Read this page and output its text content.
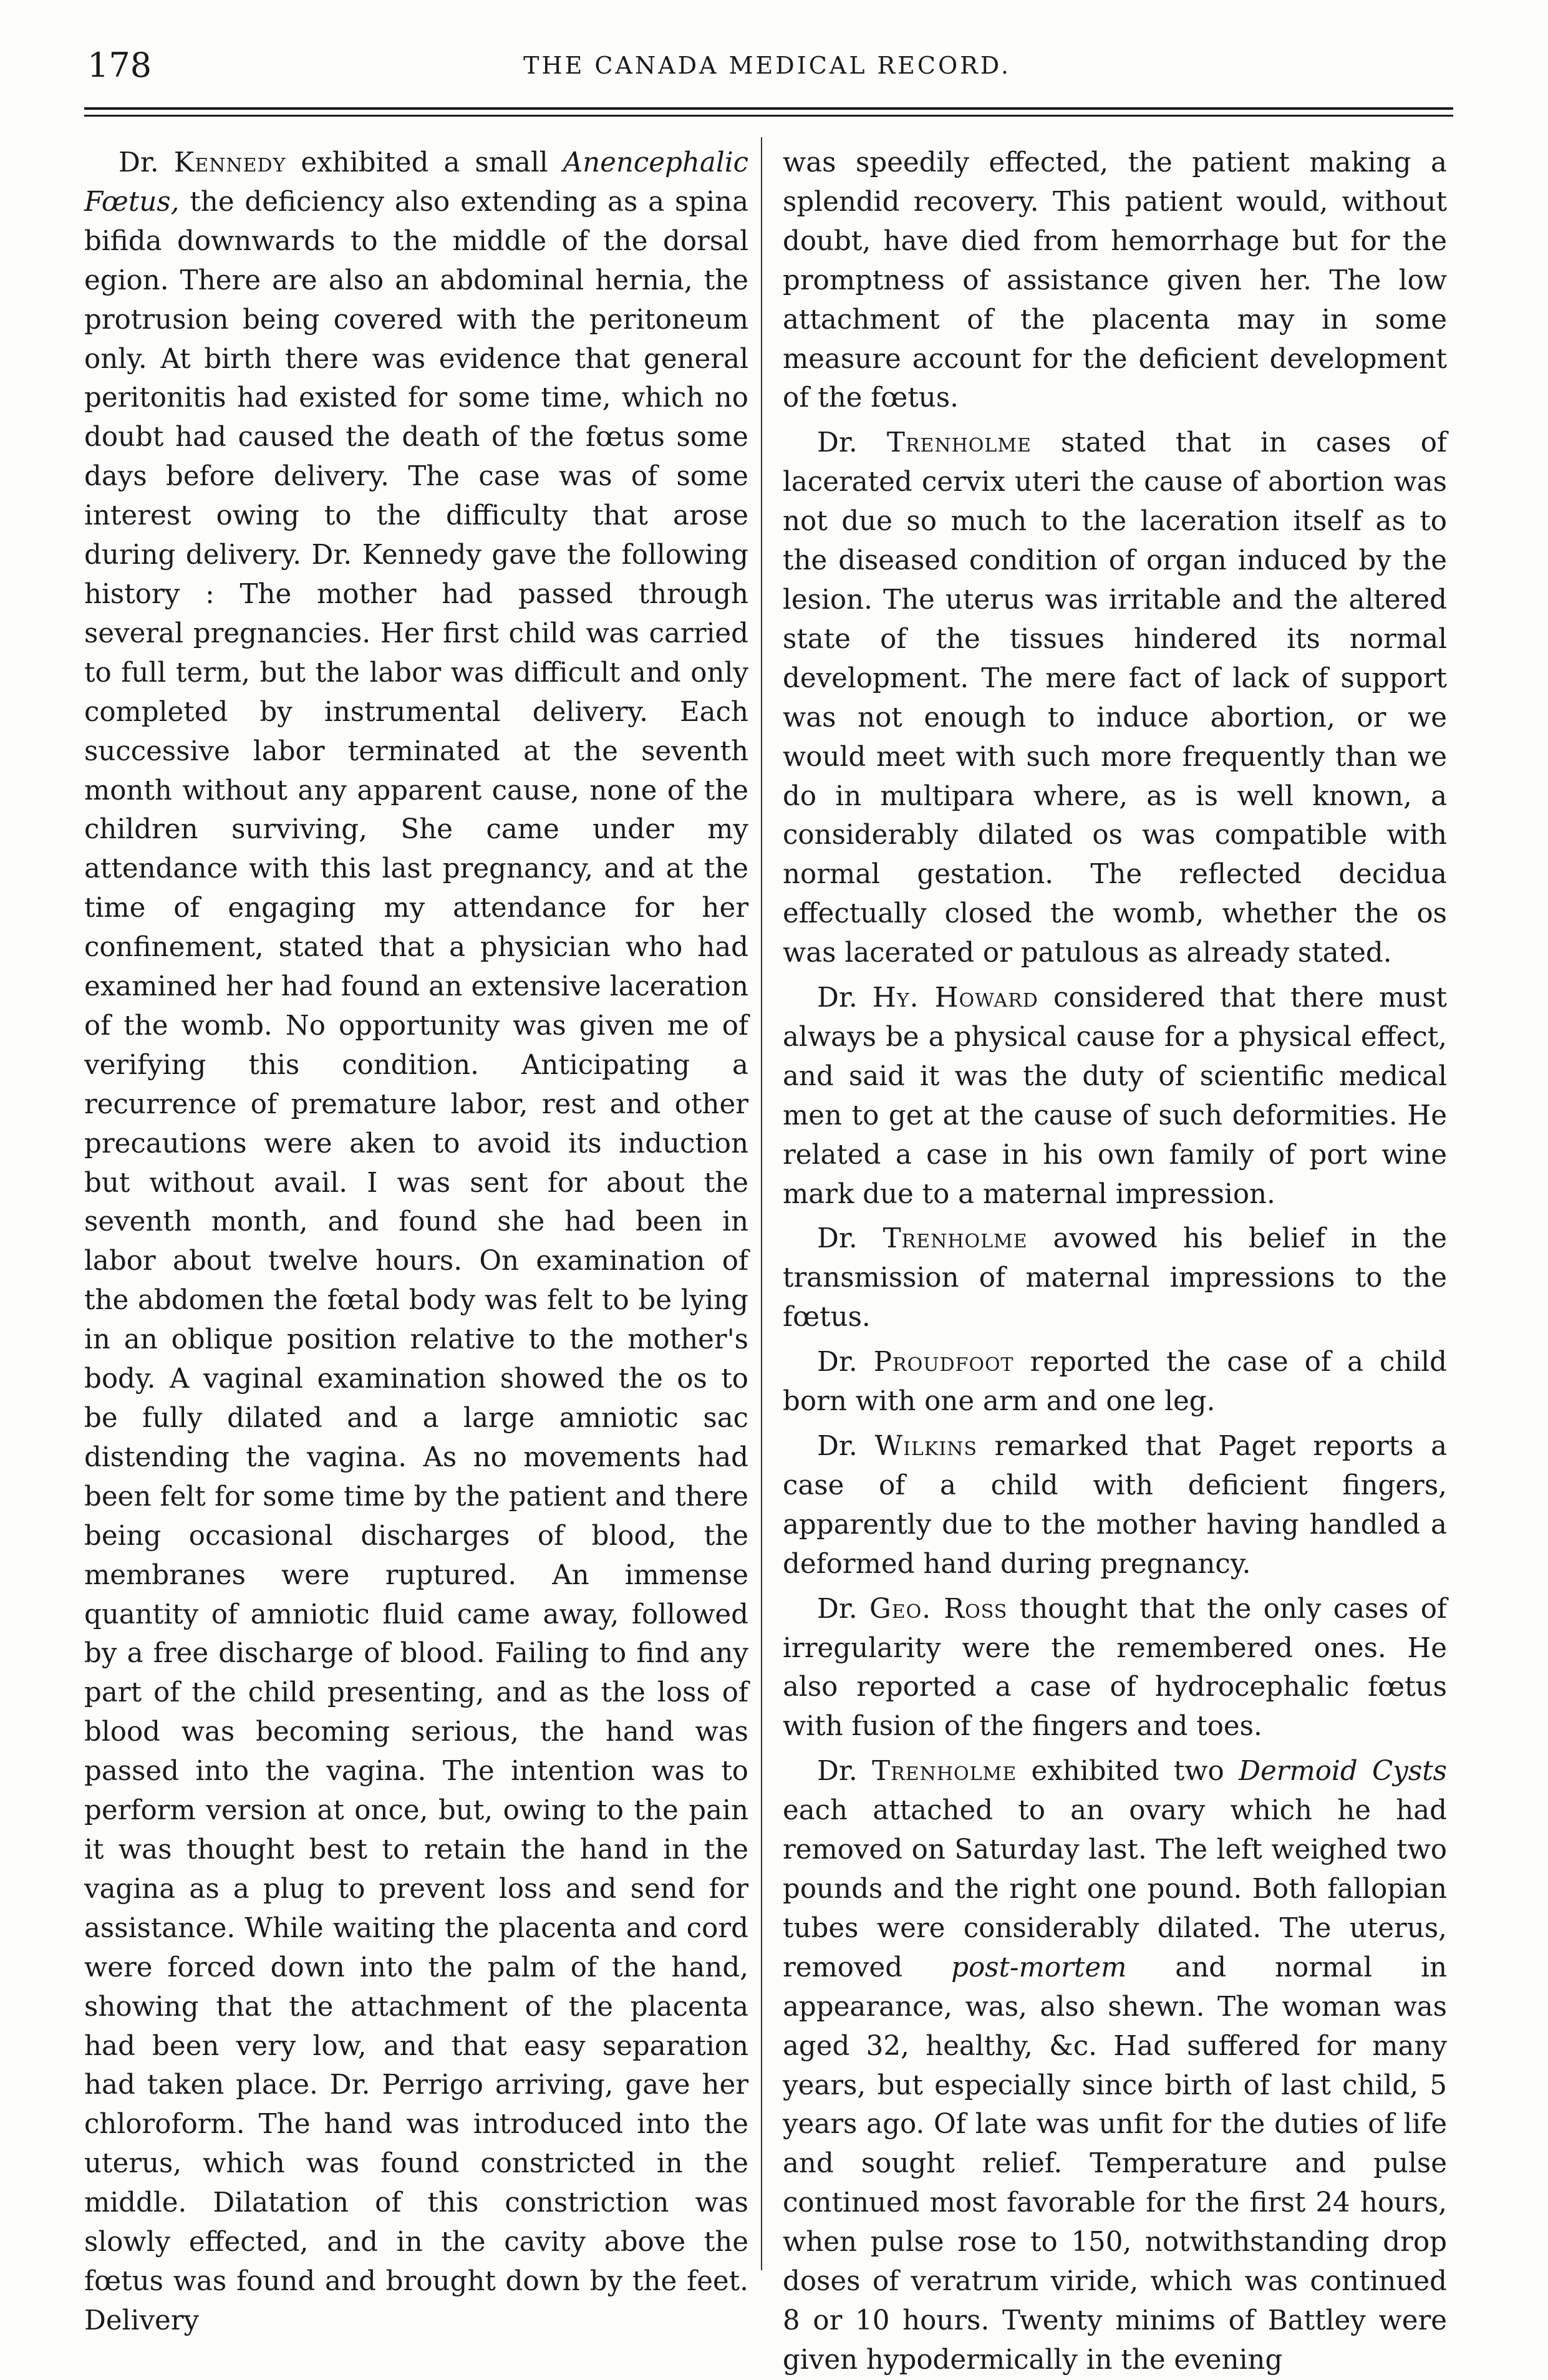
178	THE CANADA MEDICAL RECORD.

Dr. Kennedy exhibited a small Anencephalic Fœtus, the deficiency also extending as a spina bifida downwards to the middle of the dorsal egion. There are also an abdominal hernia, the protrusion being covered with the peritoneum only. At birth there was evidence that general peritonitis had existed for some time, which no doubt had caused the death of the fœtus some days before delivery. The case was of some interest owing to the difficulty that arose during delivery. Dr. Kennedy gave the following history : The mother had passed through several pregnancies. Her first child was carried to full term, but the labor was difficult and only completed by instrumental delivery. Each successive labor terminated at the seventh month without any apparent cause, none of the children surviving, She came under my attendance with this last pregnancy, and at the time of engaging my attendance for her confinement, stated that a physician who had examined her had found an extensive laceration of the womb. No opportunity was given me of verifying this condition. Anticipating a recurrence of premature labor, rest and other precautions were aken to avoid its induction but without avail. I was sent for about the seventh month, and found she had been in labor about twelve hours. On examination of the abdomen the fœtal body was felt to be lying in an oblique position relative to the mother's body. A vaginal examination showed the os to be fully dilated and a large amniotic sac distending the vagina. As no movements had been felt for some time by the patient and there being occasional discharges of blood, the membranes were ruptured. An immense quantity of amniotic fluid came away, followed by a free discharge of blood. Failing to find any part of the child presenting, and as the loss of blood was becoming serious, the hand was passed into the vagina. The intention was to perform version at once, but, owing to the pain it was thought best to retain the hand in the vagina as a plug to prevent loss and send for assistance. While waiting the placenta and cord were forced down into the palm of the hand, showing that the attachment of the placenta had been very low, and that easy separation had taken place. Dr. Perrigo arriving, gave her chloroform. The hand was introduced into the uterus, which was found constricted in the middle. Dilatation of this constriction was slowly effected, and in the cavity above the fœtus was found and brought down by the feet. Delivery

was speedily effected, the patient making a splendid recovery. This patient would, without doubt, have died from hemorrhage but for the promptness of assistance given her. The low attachment of the placenta may in some measure account for the deficient development of the fœtus.

Dr. Trenholme stated that in cases of lacerated cervix uteri the cause of abortion was not due so much to the laceration itself as to the diseased condition of organ induced by the lesion. The uterus was irritable and the altered state of the tissues hindered its normal development. The mere fact of lack of support was not enough to induce abortion, or we would meet with such more frequently than we do in multipara where, as is well known, a considerably dilated os was compatible with normal gestation. The reflected decidua effectually closed the womb, whether the os was lacerated or patulous as already stated.

Dr. Hy. Howard considered that there must always be a physical cause for a physical effect, and said it was the duty of scientific medical men to get at the cause of such deformities. He related a case in his own family of port wine mark due to a maternal impression.

Dr. Trenholme avowed his belief in the transmission of maternal impressions to the fœtus.

Dr. Proudfoot reported the case of a child born with one arm and one leg.

Dr. Wilkins remarked that Paget reports a case of a child with deficient fingers, apparently due to the mother having handled a deformed hand during pregnancy.

Dr. Geo. Ross thought that the only cases of irregularity were the remembered ones. He also reported a case of hydrocephalic fœtus with fusion of the fingers and toes.

Dr. Trenholme exhibited two Dermoid Cysts each attached to an ovary which he had removed on Saturday last. The left weighed two pounds and the right one pound. Both fallopian tubes were considerably dilated. The uterus, removed post-mortem and normal in appearance, was, also shewn. The woman was aged 32, healthy, &c. Had suffered for many years, but especially since birth of last child, 5 years ago. Of late was unfit for the duties of life and sought relief. Temperature and pulse continued most favorable for the first 24 hours, when pulse rose to 150, notwithstanding drop doses of veratrum viride, which was continued 8 or 10 hours. Twenty minims of Battley were given hypodermically in the evening
